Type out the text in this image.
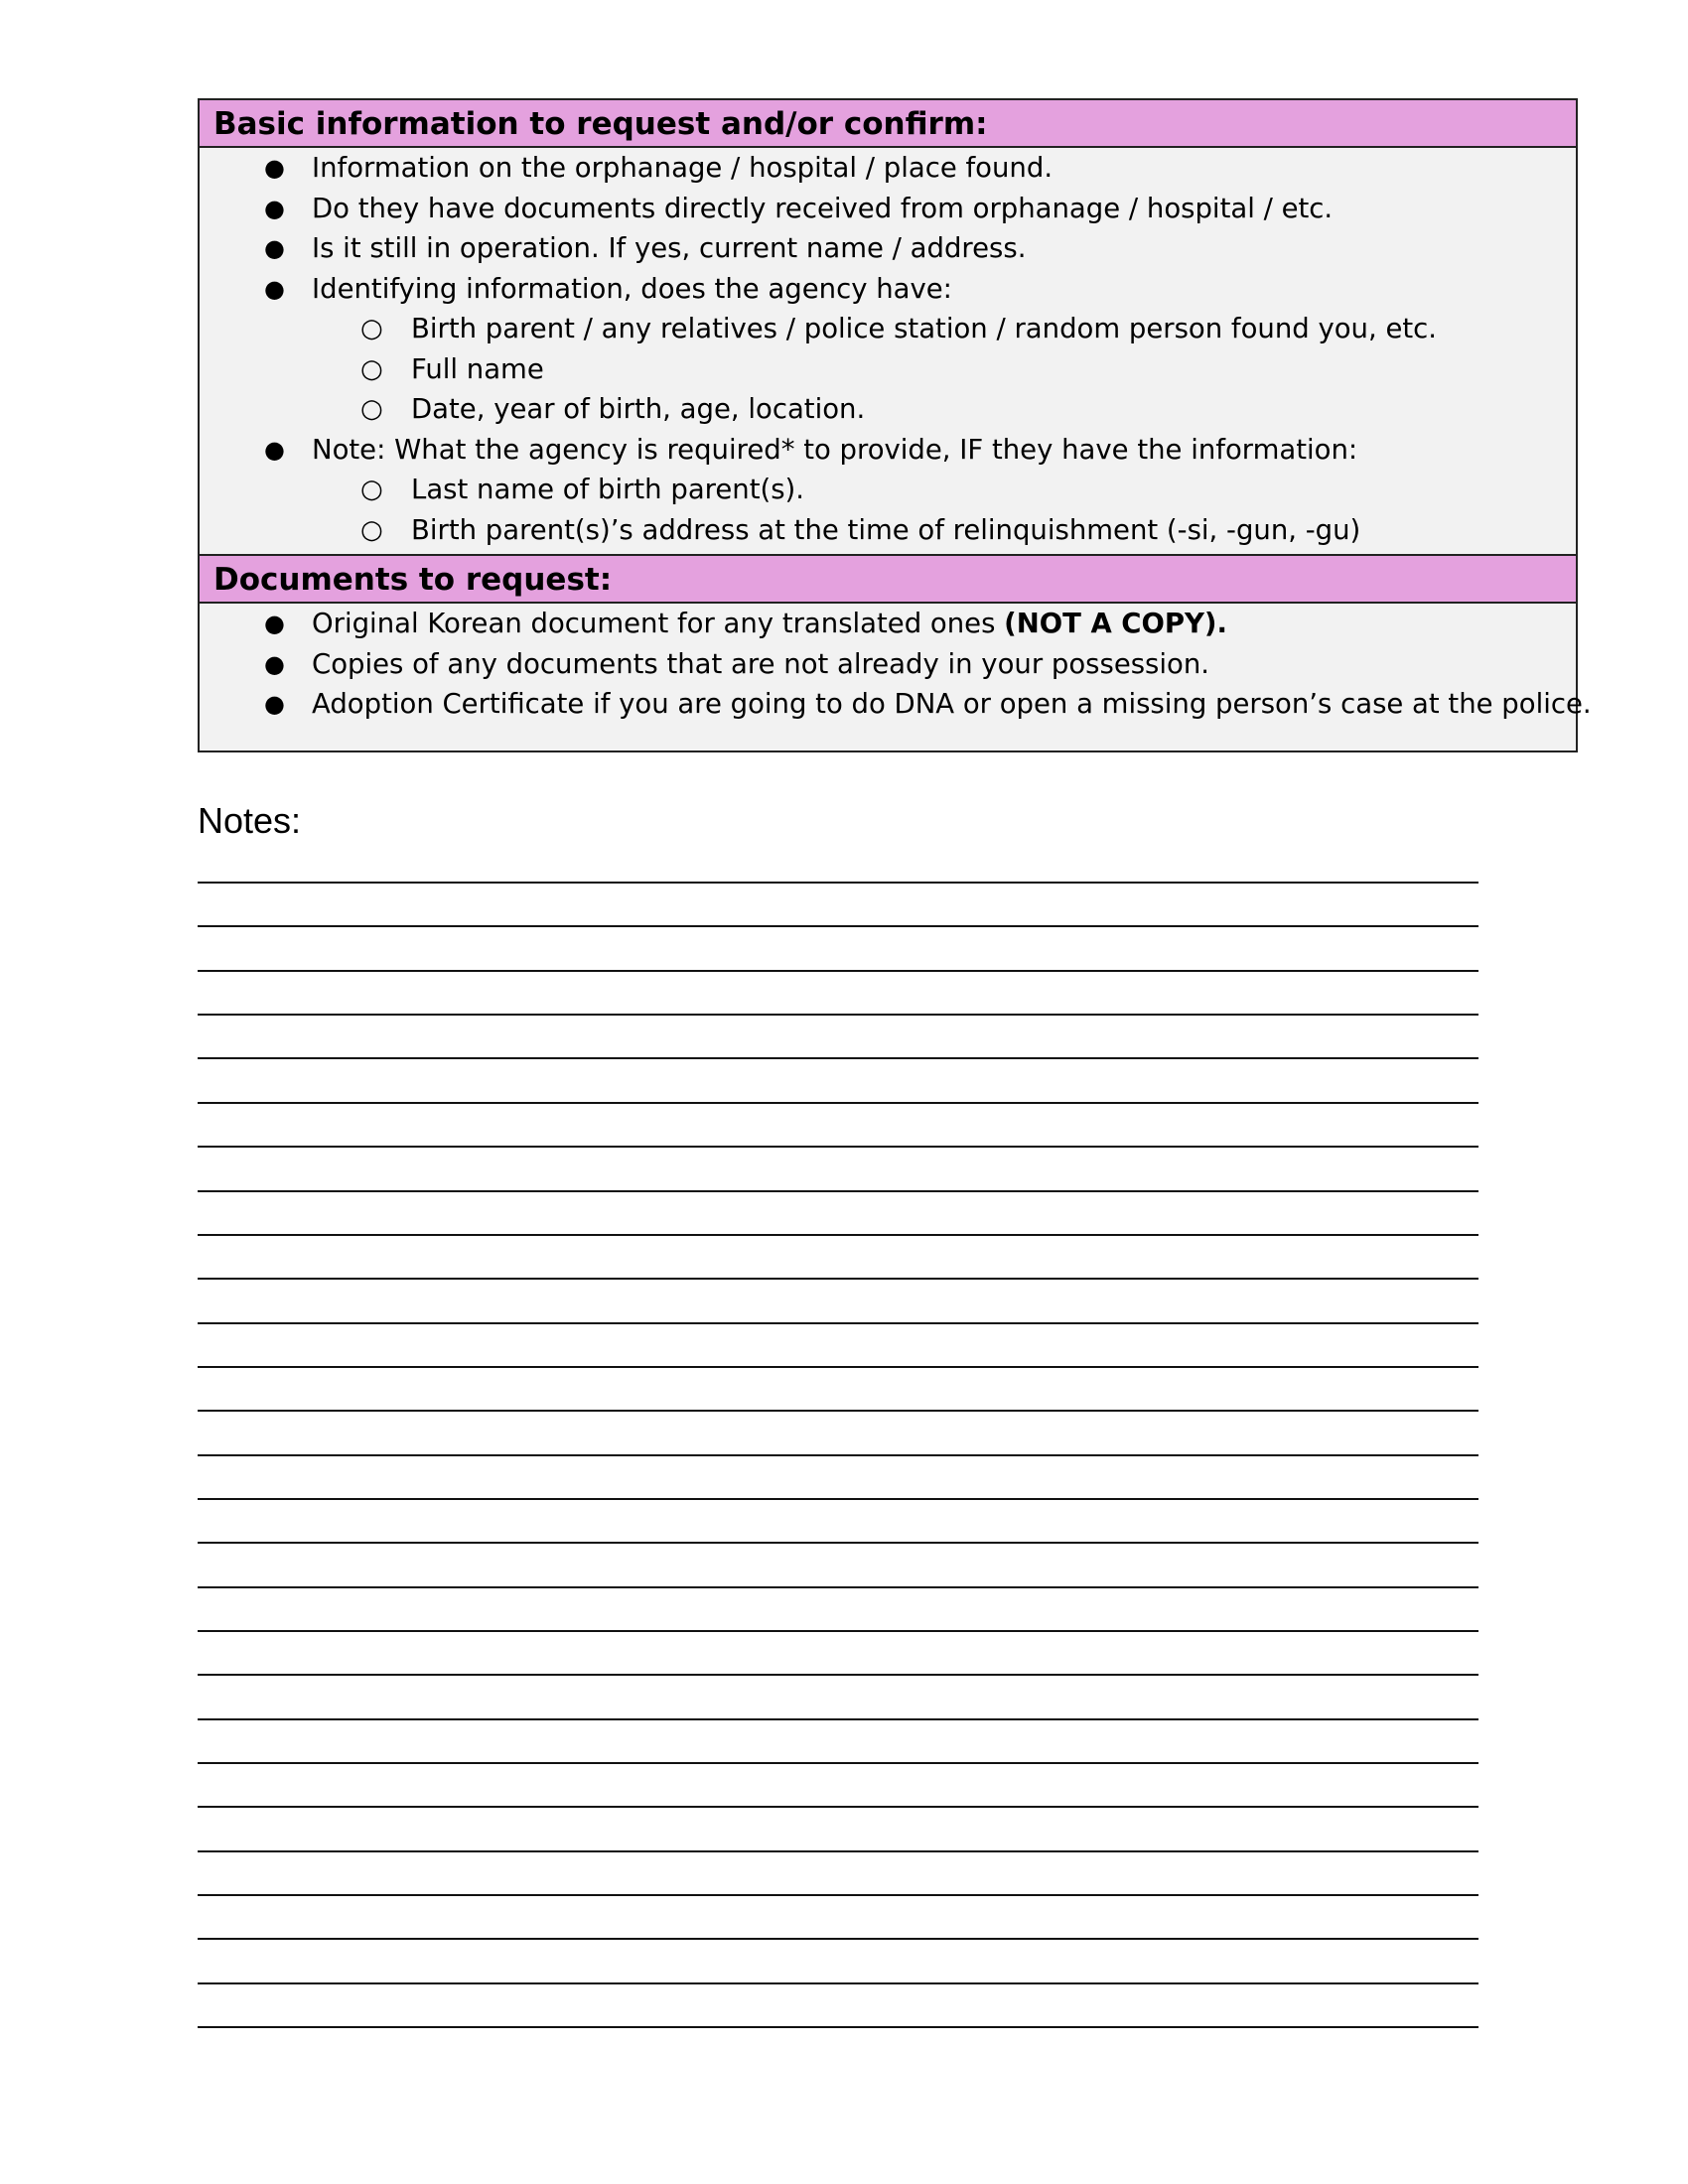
Basic information to request and/or confirm:
● Information on the orphanage / hospital / place found.
● Do they have documents directly received from orphanage / hospital / etc.
● Is it still in operation. If yes, current name / address.
● Identifying information, does the agency have:
○ Birth parent / any relatives / police station / random person found you, etc.
○ Full name
○ Date, year of birth, age, location.
● Note: What the agency is required* to provide, IF they have the information:
○ Last name of birth parent(s).
○ Birth parent(s)’s address at the time of relinquishment (-si, -gun, -gu)
Documents to request:
● Original Korean document for any translated ones (NOT A COPY).
● Copies of any documents that are not already in your possession.
● Adoption Certificate if you are going to do DNA or open a missing person’s case at the police.
Notes:
